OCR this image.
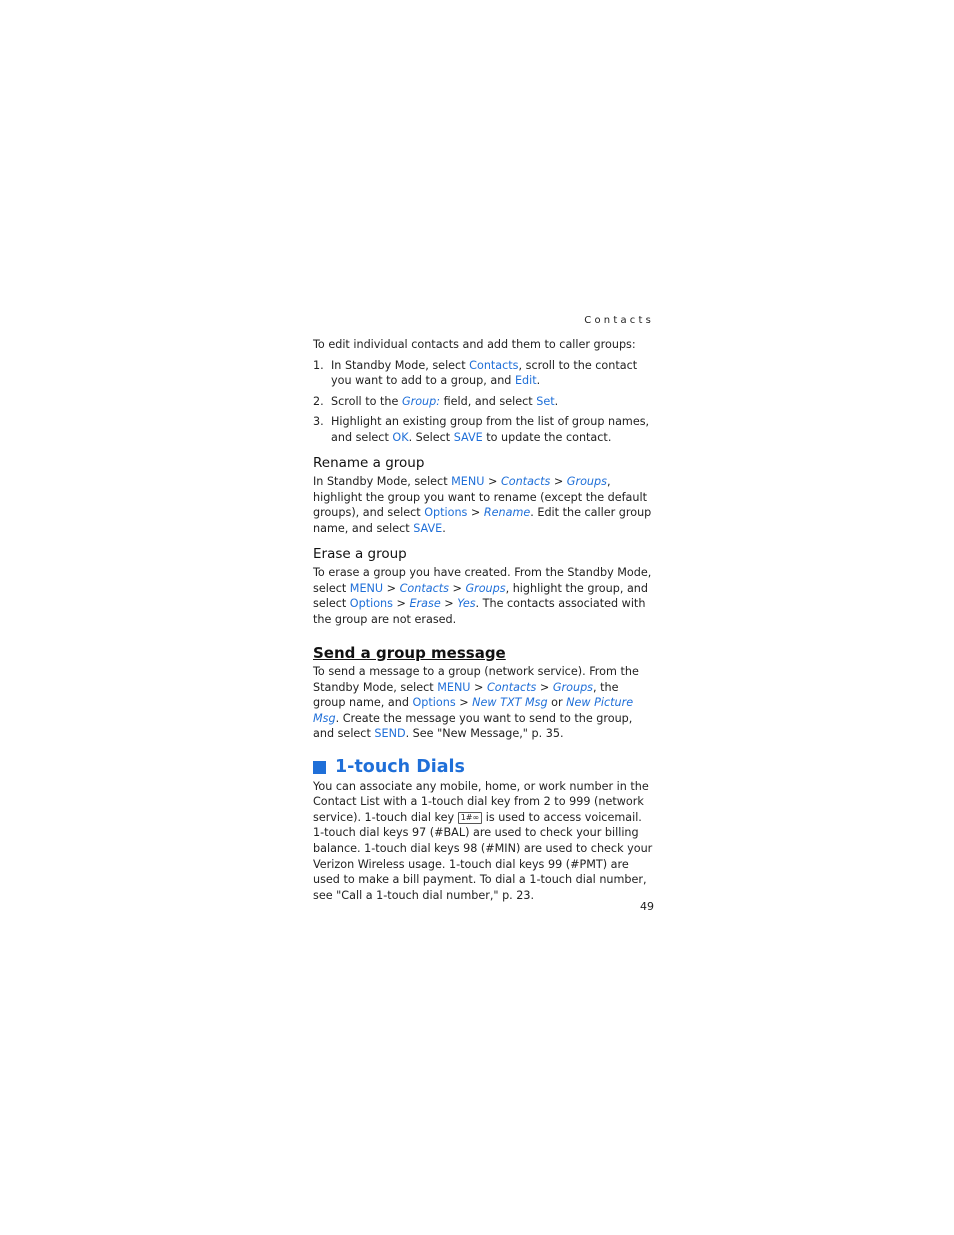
Contacts

To edit individual contacts and add them to caller groups:

1. In Standby Mode, select Contacts, scroll to the contact you want to add to a group, and Edit.
2. Scroll to the Group: field, and select Set.
3. Highlight an existing group from the list of group names, and select OK. Select SAVE to update the contact.
Rename a group

In Standby Mode, select MENU > Contacts > Groups, highlight the group you want to rename (except the default groups), and select Options > Rename. Edit the caller group name, and select SAVE.

Erase a group

To erase a group you have created. From the Standby Mode, select MENU > Contacts > Groups, highlight the group, and select Options > Erase > Yes. The contacts associated with the group are not erased.

Send a group message

To send a message to a group (network service). From the Standby Mode, select MENU > Contacts > Groups, the group name, and Options > New TXT Msg or New Picture Msg. Create the message you want to send to the group, and select SEND. See "New Message," p. 35.

1-touch Dials

You can associate any mobile, home, or work number in the Contact List with a 1-touch dial key from 2 to 999 (network service). 1-touch dial key 1#∞ is used to access voicemail. 1-touch dial keys 97 (#BAL) are used to check your billing balance. 1-touch dial keys 98 (#MIN) are used to check your Verizon Wireless usage. 1-touch dial keys 99 (#PMT) are used to make a bill payment. To dial a 1-touch dial number, see "Call a 1-touch dial number," p. 23.

49
